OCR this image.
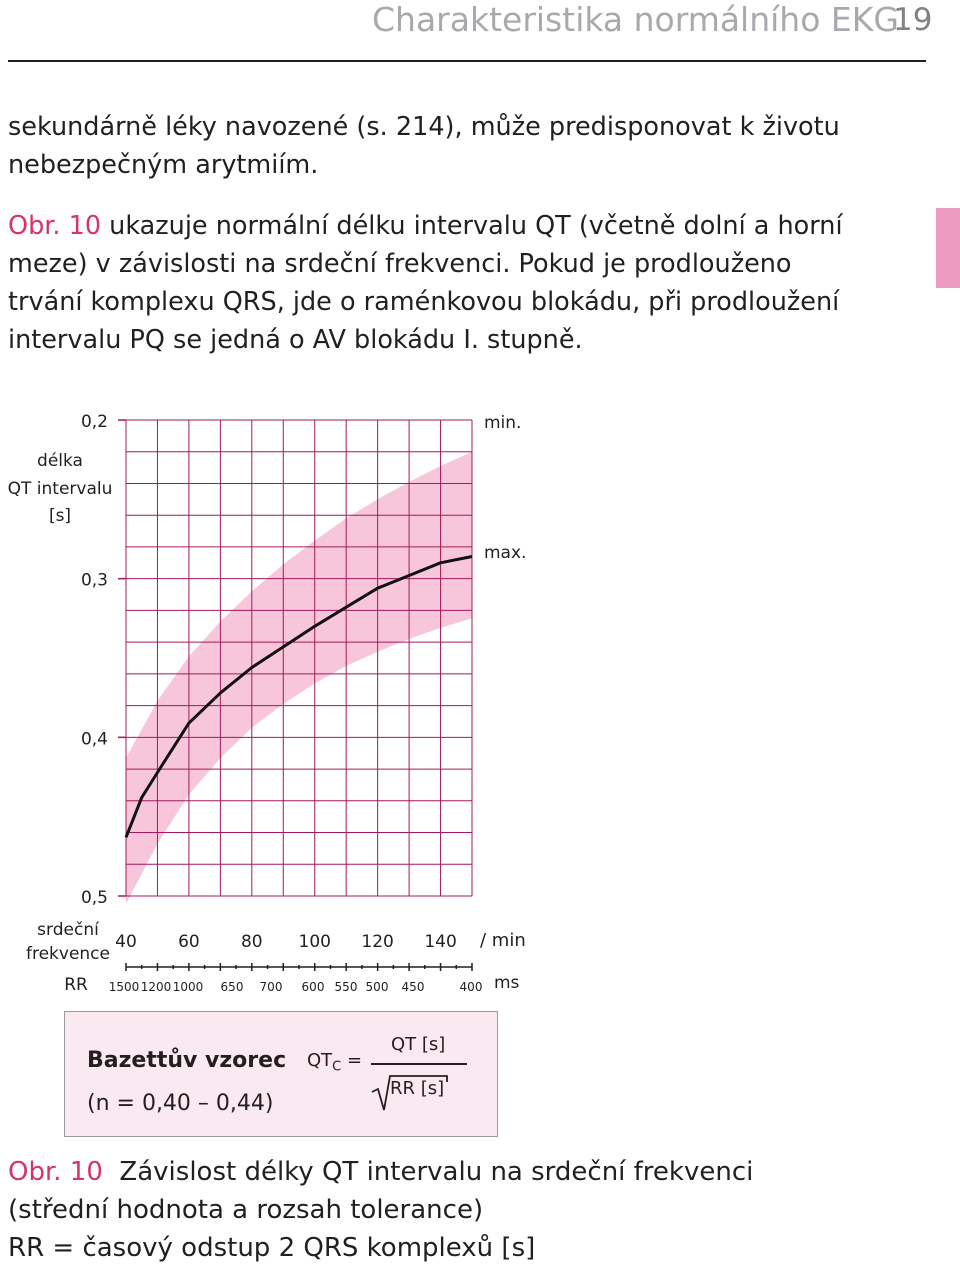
Charakteristika normálního EKG
19
sekundárně léky navozené (s. 214), může predisponovat k životu
nebezpečným arytmiím.
Obr. 10 ukazuje normální délku intervalu QT (včetně dolní a horní
meze) v závislosti na srdeční frekvenci. Pokud je prodlouženo
trvání komplexu QRS, jde o raménkovou blokádu, při prodloužení
intervalu PQ se jedná o AV blokádu I. stupně.
0,2
0,3
0,4
0,5
délka
QT intervalu
[s]
min.
max.
40 60 80 100 120 140 / min
srdeční
frekvence
RR 1500 1200 1000 650 700 600 550 500 450	400 ms
Bazettův vzorec
(n = 0,40 – 0,44)
$QT_C$ =
QT [s]
RR [s]
Obr. 10 Závislost délky QT intervalu na srdeční frekvenci
(střední hodnota a rozsah tolerance)
RR = časový odstup 2 QRS komplexů [s]
